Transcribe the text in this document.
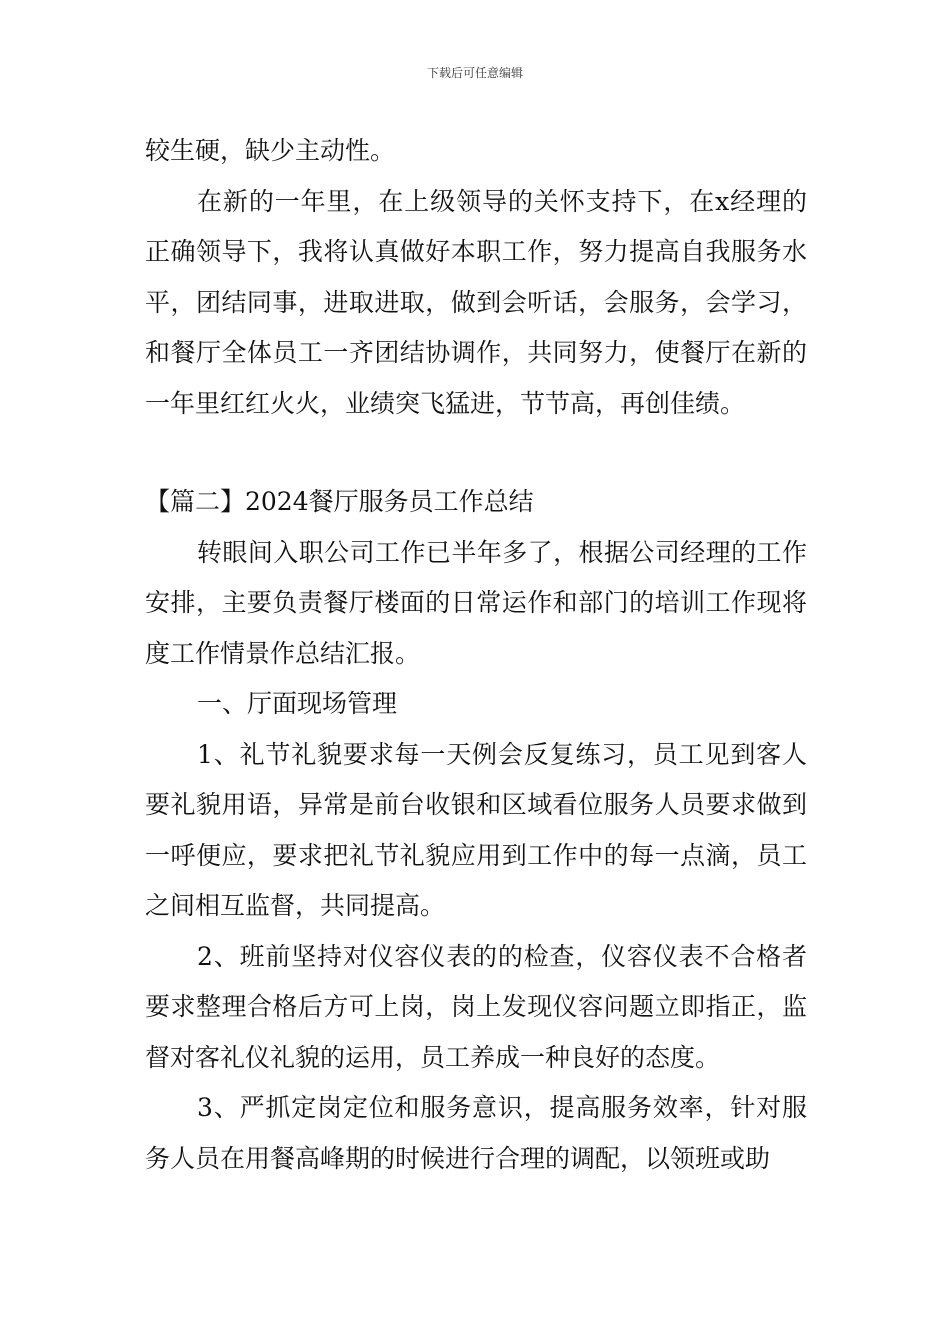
下载后可任意编辑

较生硬，缺少主动性。

在新的一年里，在上级领导的关怀支持下，在x经理的正确领导下，我将认真做好本职工作，努力提高自我服务水平，团结同事，进取进取，做到会听话，会服务，会学习，和餐厅全体员工一齐团结协调作，共同努力，使餐厅在新的一年里红红火火，业绩突飞猛进，节节高，再创佳绩。

【篇二】2024餐厅服务员工作总结

转眼间入职公司工作已半年多了，根据公司经理的工作安排，主要负责餐厅楼面的日常运作和部门的培训工作现将度工作情景作总结汇报。

一、厅面现场管理

1、礼节礼貌要求每一天例会反复练习，员工见到客人要礼貌用语，异常是前台收银和区域看位服务人员要求做到一呼便应，要求把礼节礼貌应用到工作中的每一点滴，员工之间相互监督，共同提高。

2、班前坚持对仪容仪表的的检查，仪容仪表不合格者要求整理合格后方可上岗，岗上发现仪容问题立即指正，监督对客礼仪礼貌的运用，员工养成一种良好的态度。

3、严抓定岗定位和服务意识，提高服务效率，针对服务人员在用餐高峰期的时候进行合理的调配，以领班或助
